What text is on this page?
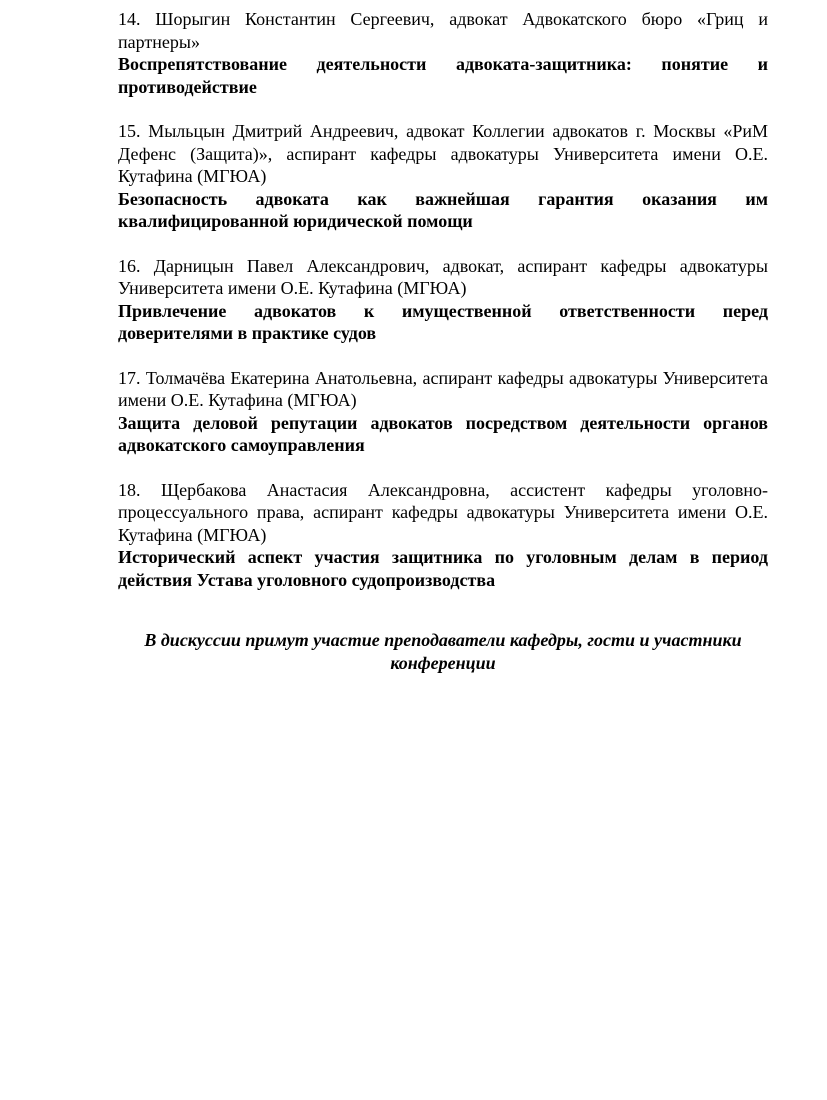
14. Шорыгин Константин Сергеевич, адвокат Адвокатского бюро «Гриц и партнеры»

Воспрепятствование деятельности адвоката-защитника: понятие и противодействие

15. Мыльцын Дмитрий Андреевич, адвокат Коллегии адвокатов г. Москвы «РиМ Дефенс (Защита)», аспирант кафедры адвокатуры Университета имени О.Е. Кутафина (МГЮА)

Безопасность адвоката как важнейшая гарантия оказания им квалифицированной юридической помощи

16. Дарницын Павел Александрович, адвокат, аспирант кафедры адвокатуры Университета имени О.Е. Кутафина (МГЮА)

Привлечение адвокатов к имущественной ответственности перед доверителями в практике судов

17. Толмачёва Екатерина Анатольевна, аспирант кафедры адвокатуры Университета имени О.Е. Кутафина (МГЮА)

Защита деловой репутации адвокатов посредством деятельности органов адвокатского самоуправления

18. Щербакова Анастасия Александровна, ассистент кафедры уголовно-процессуального права, аспирант кафедры адвокатуры Университета имени О.Е. Кутафина (МГЮА)

Исторический аспект участия защитника по уголовным делам в период действия Устава уголовного судопроизводства

В дискуссии примут участие преподаватели кафедры, гости и участники конференции
